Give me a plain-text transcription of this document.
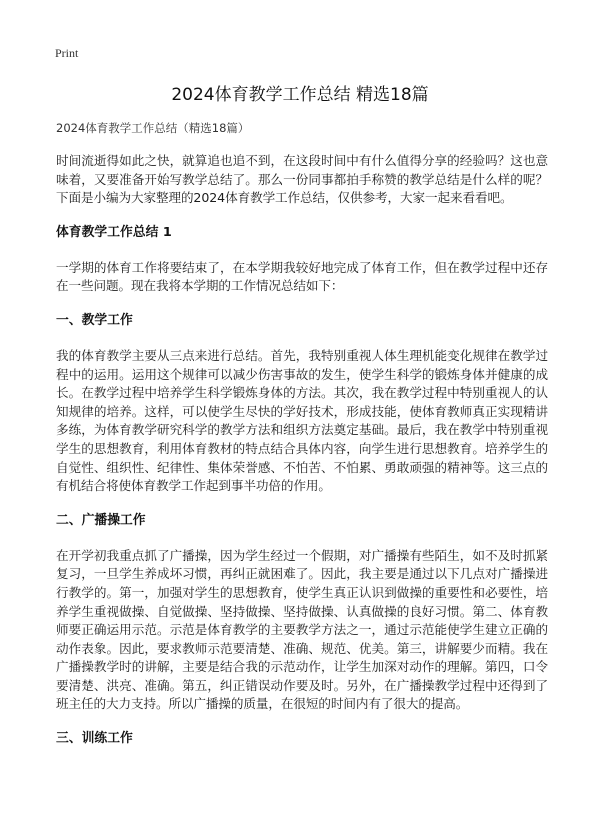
Print
2024体育教学工作总结 精选18篇
2024体育教学工作总结（精选18篇）

时间流逝得如此之快，就算追也追不到，在这段时间中有什么值得分享的经验吗？这也意味着，又要准备开始写教学总结了。那么一份同事都拍手称赞的教学总结是什么样的呢？下面是小编为大家整理的2024体育教学工作总结，仅供参考，大家一起来看看吧。

体育教学工作总结 1

一学期的体育工作将要结束了，在本学期我较好地完成了体育工作，但在教学过程中还存在一些问题。现在我将本学期的工作情况总结如下：

一、教学工作

我的体育教学主要从三点来进行总结。首先，我特别重视人体生理机能变化规律在教学过程中的运用。运用这个规律可以减少伤害事故的发生，使学生科学的锻炼身体并健康的成长。在教学过程中培养学生科学锻炼身体的方法。其次，我在教学过程中特别重视人的认知规律的培养。这样，可以使学生尽快的学好技术，形成技能，使体育教师真正实现精讲多练，为体育教学研究科学的教学方法和组织方法奠定基础。最后，我在教学中特别重视学生的思想教育，利用体育教材的特点结合具体内容，向学生进行思想教育。培养学生的自觉性、组织性、纪律性、集体荣誉感、不怕苦、不怕累、勇敢顽强的精神等。这三点的有机结合将使体育教学工作起到事半功倍的作用。

二、广播操工作

在开学初我重点抓了广播操，因为学生经过一个假期，对广播操有些陌生，如不及时抓紧复习，一旦学生养成坏习惯，再纠正就困难了。因此，我主要是通过以下几点对广播操进行教学的。第一，加强对学生的思想教育，使学生真正认识到做操的重要性和必要性，培养学生重视做操、自觉做操、坚持做操、坚持做操、认真做操的良好习惯。第二、体育教师要正确运用示范。示范是体育教学的主要教学方法之一，通过示范能使学生建立正确的动作表象。因此，要求教师示范要清楚、准确、规范、优美。第三，讲解要少而精。我在广播操教学时的讲解，主要是结合我的示范动作，让学生加深对动作的理解。第四，口令要清楚、洪亮、准确。第五，纠正错误动作要及时。另外，在广播操教学过程中还得到了班主任的大力支持。所以广播操的质量，在很短的时间内有了很大的提高。

三、训练工作
